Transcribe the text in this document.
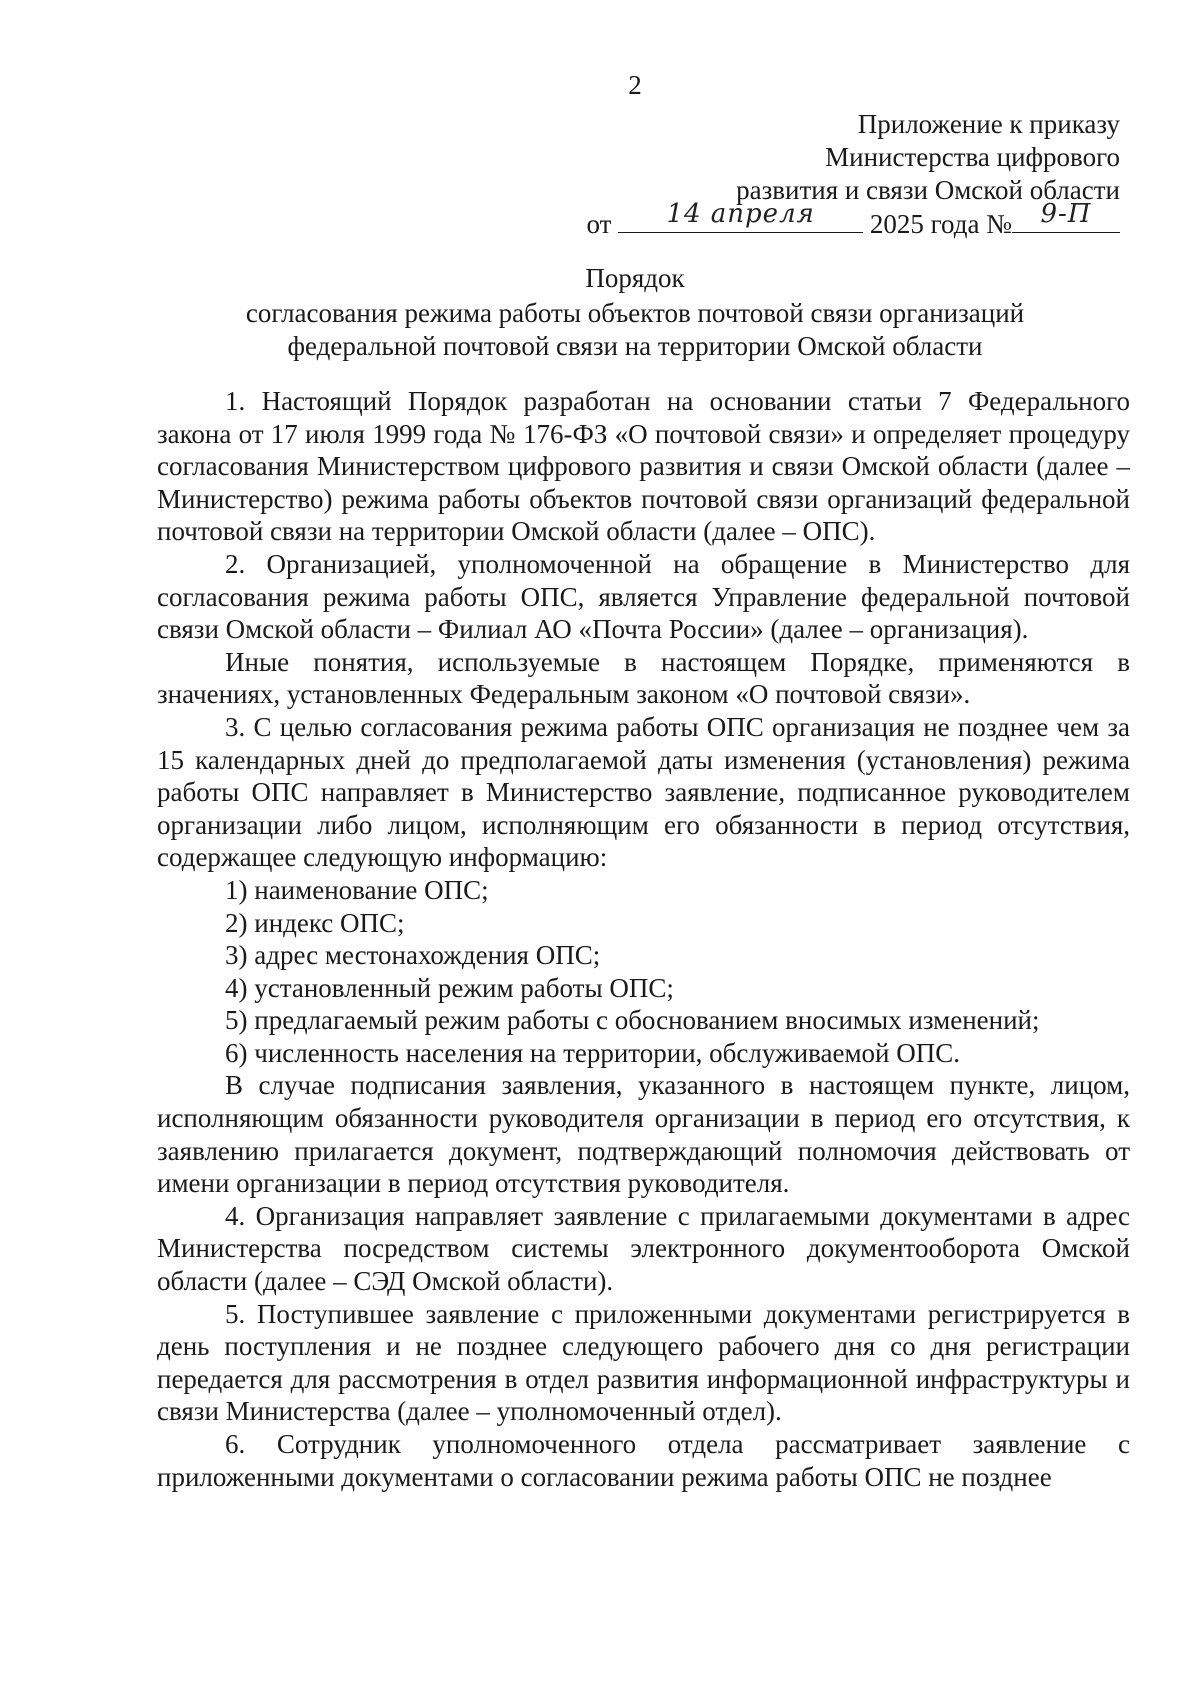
2
Приложение к приказу
Министерства цифрового
развития и связи Омской области
от	14 апреля	2025 года №	9-П
Порядок
согласования режима работы объектов почтовой связи организаций
федеральной почтовой связи на территории Омской области

1. Настоящий Порядок разработан на основании статьи 7 Федерального закона от 17 июля 1999 года № 176-ФЗ «О почтовой связи» и определяет процедуру согласования Министерством цифрового развития и связи Омской области (далее – Министерство) режима работы объектов почтовой связи организаций федеральной почтовой связи на территории Омской области (далее – ОПС).

2. Организацией, уполномоченной на обращение в Министерство для согласования режима работы ОПС, является Управление федеральной почтовой связи Омской области – Филиал АО «Почта России» (далее – организация).

Иные понятия, используемые в настоящем Порядке, применяются в значениях, установленных Федеральным законом «О почтовой связи».

3. С целью согласования режима работы ОПС организация не позднее чем за 15 календарных дней до предполагаемой даты изменения (установления) режима работы ОПС направляет в Министерство заявление, подписанное руководителем организации либо лицом, исполняющим его обязанности в период отсутствия, содержащее следующую информацию:

1) наименование ОПС;

2) индекс ОПС;

3) адрес местонахождения ОПС;

4) установленный режим работы ОПС;

5) предлагаемый режим работы с обоснованием вносимых изменений;

6) численность населения на территории, обслуживаемой ОПС.

В случае подписания заявления, указанного в настоящем пункте, лицом, исполняющим обязанности руководителя организации в период его отсутствия, к заявлению прилагается документ, подтверждающий полномочия действовать от имени организации в период отсутствия руководителя.

4. Организация направляет заявление с прилагаемыми документами в адрес Министерства посредством системы электронного документооборота Омской области (далее – СЭД Омской области).

5. Поступившее заявление с приложенными документами регистрируется в день поступления и не позднее следующего рабочего дня со дня регистрации передается для рассмотрения в отдел развития информационной инфраструктуры и связи Министерства (далее – уполномоченный отдел).

6. Сотрудник уполномоченного отдела рассматривает заявление с приложенными документами о согласовании режима работы ОПС не позднее
